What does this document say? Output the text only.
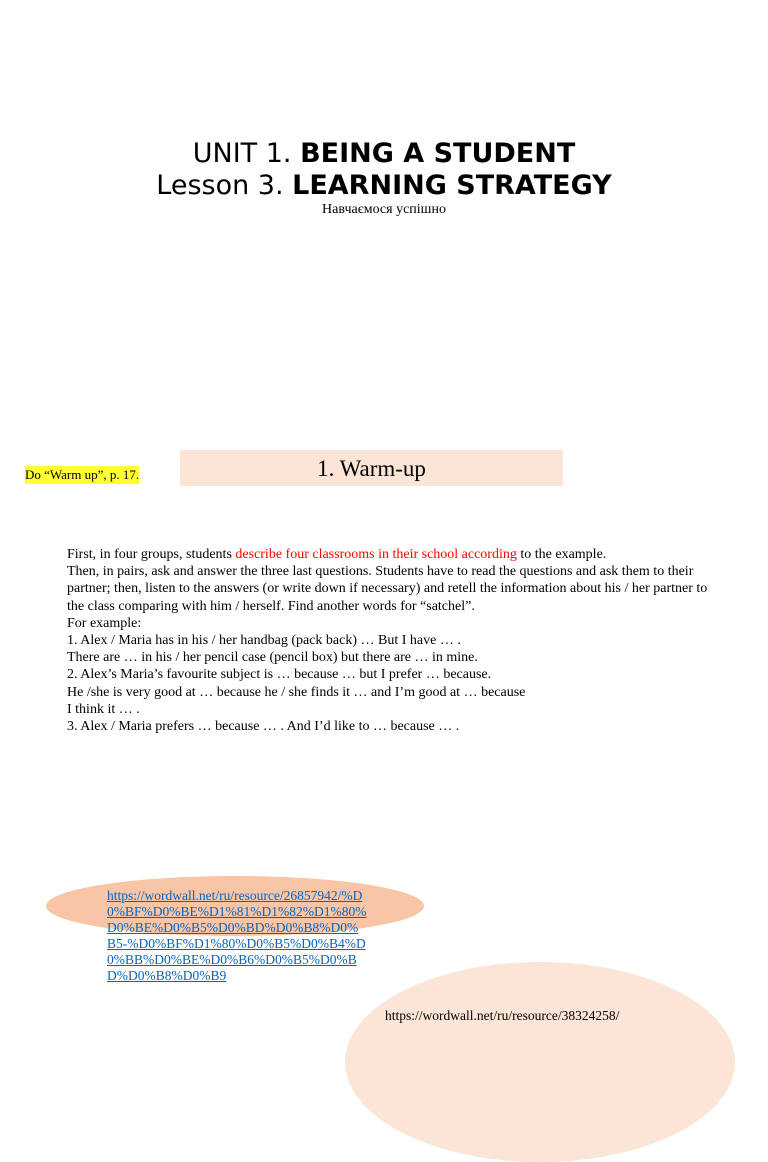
UNIT 1. BEING A STUDENT
Lesson 3. LEARNING STRATEGY
Навчаємося успішно
Do “Warm up”, p. 17.	1. Warm-up
First, in four groups, students describe four classrooms in their school according to the example.
Then, in pairs, ask and answer the three last questions. Students have to read the questions and ask them to their partner; then, listen to the answers (or write down if necessary) and retell the information about his / her partner to the class comparing with him / herself. Find another words for “satchel”.
For example:
1. Alex / Maria has in his / her handbag (pack back) … But I have … .
There are … in his / her pencil case (pencil box) but there are … in mine.
2. Alex’s Maria’s favourite subject is … because … but I prefer … because.
He /she is very good at … because he / she finds it … and I’m good at … because
I think it … .
3. Alex / Maria prefers … because … . And I’d like to … because … .
https://wordwall.net/ru/resource/26857942/%D0%BF%D0%BE%D1%81%D1%82%D1%80%D0%BE%D0%B5%D0%BD%D0%B8%D0%B5-%D0%BF%D1%80%D0%B5%D0%B4%D0%BB%D0%BE%D0%B6%D0%B5%D0%BD%D0%B8%D0%B9
https://wordwall.net/ru/resource/38324258/
